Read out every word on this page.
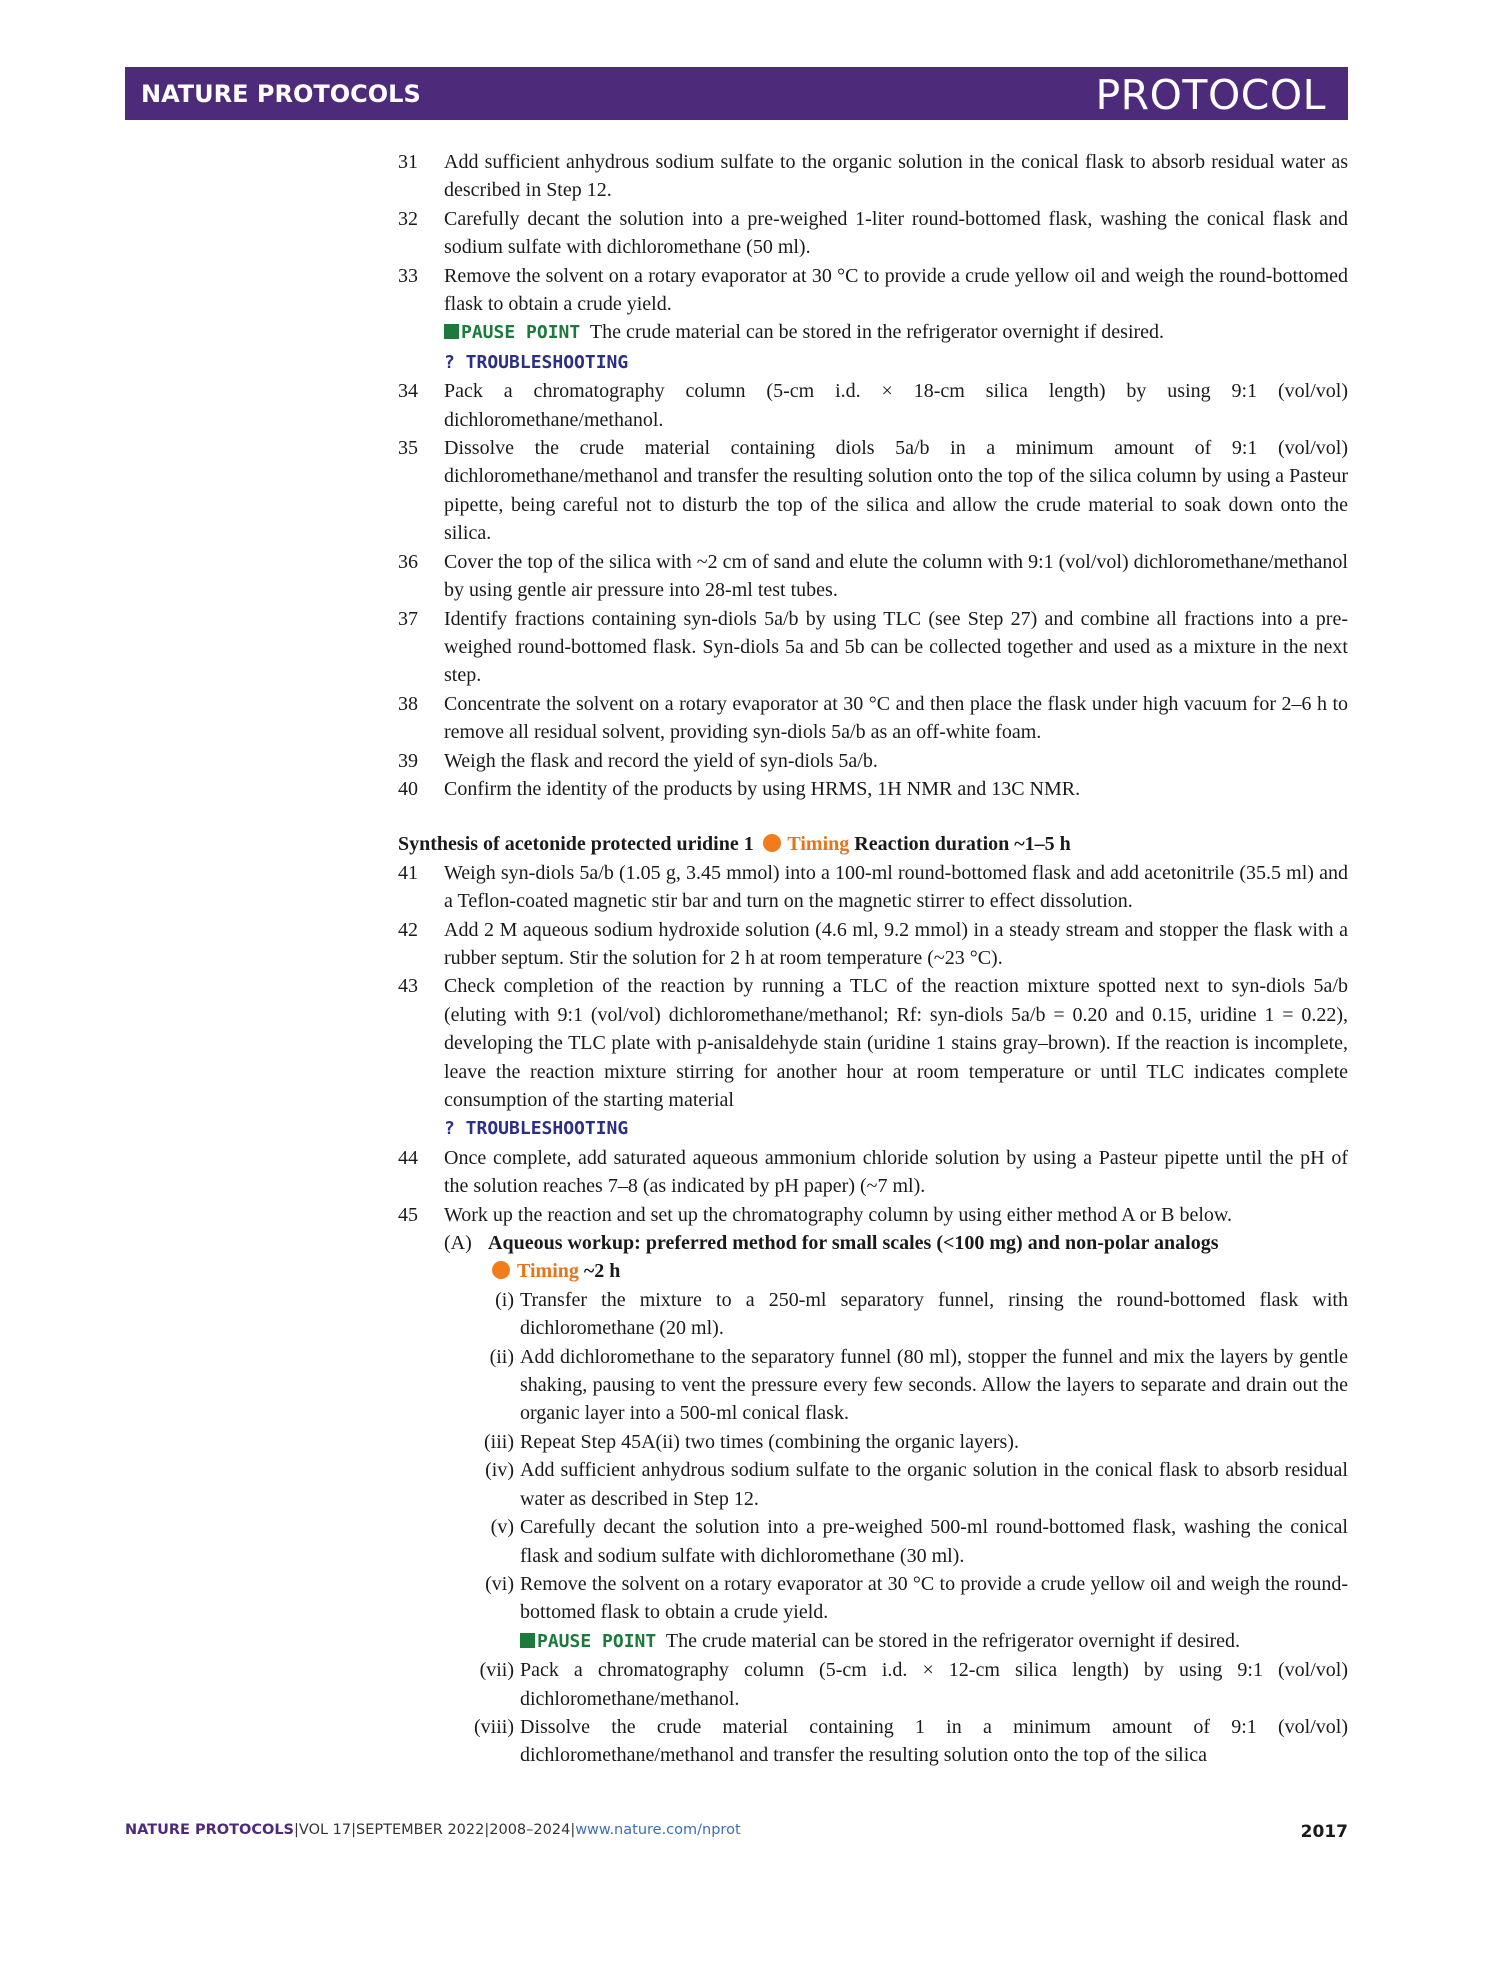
NATURE PROTOCOLS	PROTOCOL
31 Add sufficient anhydrous sodium sulfate to the organic solution in the conical flask to absorb residual water as described in Step 12.
32 Carefully decant the solution into a pre-weighed 1-liter round-bottomed flask, washing the conical flask and sodium sulfate with dichloromethane (50 ml).
33 Remove the solvent on a rotary evaporator at 30 °C to provide a crude yellow oil and weigh the round-bottomed flask to obtain a crude yield.
PAUSE POINT The crude material can be stored in the refrigerator overnight if desired.
? TROUBLESHOOTING
34 Pack a chromatography column (5-cm i.d. × 18-cm silica length) by using 9:1 (vol/vol) dichloromethane/methanol.
35 Dissolve the crude material containing diols 5a/b in a minimum amount of 9:1 (vol/vol) dichloromethane/methanol and transfer the resulting solution onto the top of the silica column by using a Pasteur pipette, being careful not to disturb the top of the silica and allow the crude material to soak down onto the silica.
36 Cover the top of the silica with ~2 cm of sand and elute the column with 9:1 (vol/vol) dichloromethane/methanol by using gentle air pressure into 28-ml test tubes.
37 Identify fractions containing syn-diols 5a/b by using TLC (see Step 27) and combine all fractions into a pre-weighed round-bottomed flask. Syn-diols 5a and 5b can be collected together and used as a mixture in the next step.
38 Concentrate the solvent on a rotary evaporator at 30 °C and then place the flask under high vacuum for 2–6 h to remove all residual solvent, providing syn-diols 5a/b as an off-white foam.
39 Weigh the flask and record the yield of syn-diols 5a/b.
40 Confirm the identity of the products by using HRMS, 1H NMR and 13C NMR.
Synthesis of acetonide protected uridine 1 Timing Reaction duration ~1–5 h
41 Weigh syn-diols 5a/b (1.05 g, 3.45 mmol) into a 100-ml round-bottomed flask and add acetonitrile (35.5 ml) and a Teflon-coated magnetic stir bar and turn on the magnetic stirrer to effect dissolution.
42 Add 2 M aqueous sodium hydroxide solution (4.6 ml, 9.2 mmol) in a steady stream and stopper the flask with a rubber septum. Stir the solution for 2 h at room temperature (~23 °C).
43 Check completion of the reaction by running a TLC of the reaction mixture spotted next to syn-diols 5a/b (eluting with 9:1 (vol/vol) dichloromethane/methanol; Rf: syn-diols 5a/b = 0.20 and 0.15, uridine 1 = 0.22), developing the TLC plate with p-anisaldehyde stain (uridine 1 stains gray–brown). If the reaction is incomplete, leave the reaction mixture stirring for another hour at room temperature or until TLC indicates complete consumption of the starting material
? TROUBLESHOOTING
44 Once complete, add saturated aqueous ammonium chloride solution by using a Pasteur pipette until the pH of the solution reaches 7–8 (as indicated by pH paper) (~7 ml).
45 Work up the reaction and set up the chromatography column by using either method A or B below.
(A) Aqueous workup: preferred method for small scales (<100 mg) and non-polar analogs
Timing ~2 h
(i) Transfer the mixture to a 250-ml separatory funnel, rinsing the round-bottomed flask with dichloromethane (20 ml).
(ii) Add dichloromethane to the separatory funnel (80 ml), stopper the funnel and mix the layers by gentle shaking, pausing to vent the pressure every few seconds. Allow the layers to separate and drain out the organic layer into a 500-ml conical flask.
(iii) Repeat Step 45A(ii) two times (combining the organic layers).
(iv) Add sufficient anhydrous sodium sulfate to the organic solution in the conical flask to absorb residual water as described in Step 12.
(v) Carefully decant the solution into a pre-weighed 500-ml round-bottomed flask, washing the conical flask and sodium sulfate with dichloromethane (30 ml).
(vi) Remove the solvent on a rotary evaporator at 30 °C to provide a crude yellow oil and weigh the round-bottomed flask to obtain a crude yield.
PAUSE POINT The crude material can be stored in the refrigerator overnight if desired.
(vii) Pack a chromatography column (5-cm i.d. × 12-cm silica length) by using 9:1 (vol/vol) dichloromethane/methanol.
(viii) Dissolve the crude material containing 1 in a minimum amount of 9:1 (vol/vol) dichloromethane/methanol and transfer the resulting solution onto the top of the silica
NATURE PROTOCOLS|VOL 17|SEPTEMBER 2022|2008–2024|www.nature.com/nprot	2017
